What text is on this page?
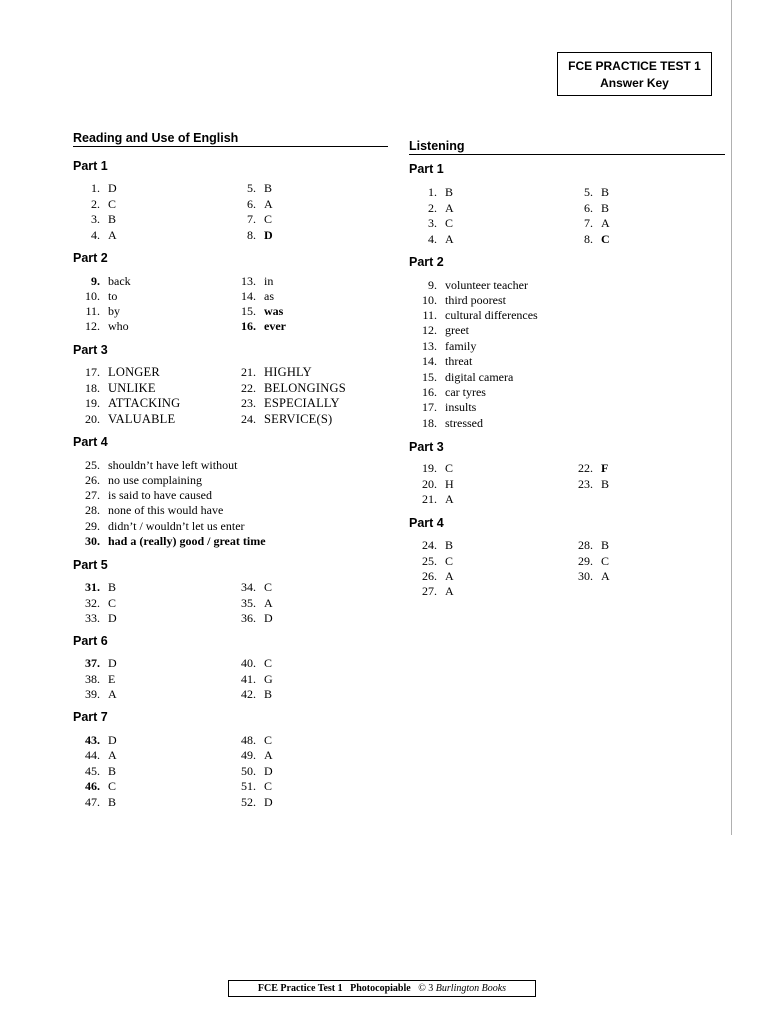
FCE PRACTICE TEST 1
Answer Key
Reading and Use of English
Part 1
1. D
2. C
3. B
4. A
5. B
6. A
7. C
8. D
Part 2
9. back
10. to
11. by
12. who
13. in
14. as
15. was
16. ever
Part 3
17. LONGER
18. UNLIKE
19. ATTACKING
20. VALUABLE
21. HIGHLY
22. BELONGINGS
23. ESPECIALLY
24. SERVICE(S)
Part 4
25. shouldn’t have left without
26. no use complaining
27. is said to have caused
28. none of this would have
29. didn’t / wouldn’t let us enter
30. had a (really) good / great time
Part 5
31. B
32. C
33. D
34. C
35. A
36. D
Part 6
37. D
38. E
39. A
40. C
41. G
42. B
Part 7
43. D
44. A
45. B
46. C
47. B
48. C
49. A
50. D
51. C
52. D
Listening
Part 1
1. B
2. A
3. C
4. A
5. B
6. B
7. A
8. C
Part 2
9. volunteer teacher
10. third poorest
11. cultural differences
12. greet
13. family
14. threat
15. digital camera
16. car tyres
17. insults
18. stressed
Part 3
19. C
20. H
21. A
22. F
23. B
Part 4
24. B
25. C
26. A
27. A
28. B
29. C
30. A
FCE Practice Test 1 Photocopiable © 3 Burlington Books
